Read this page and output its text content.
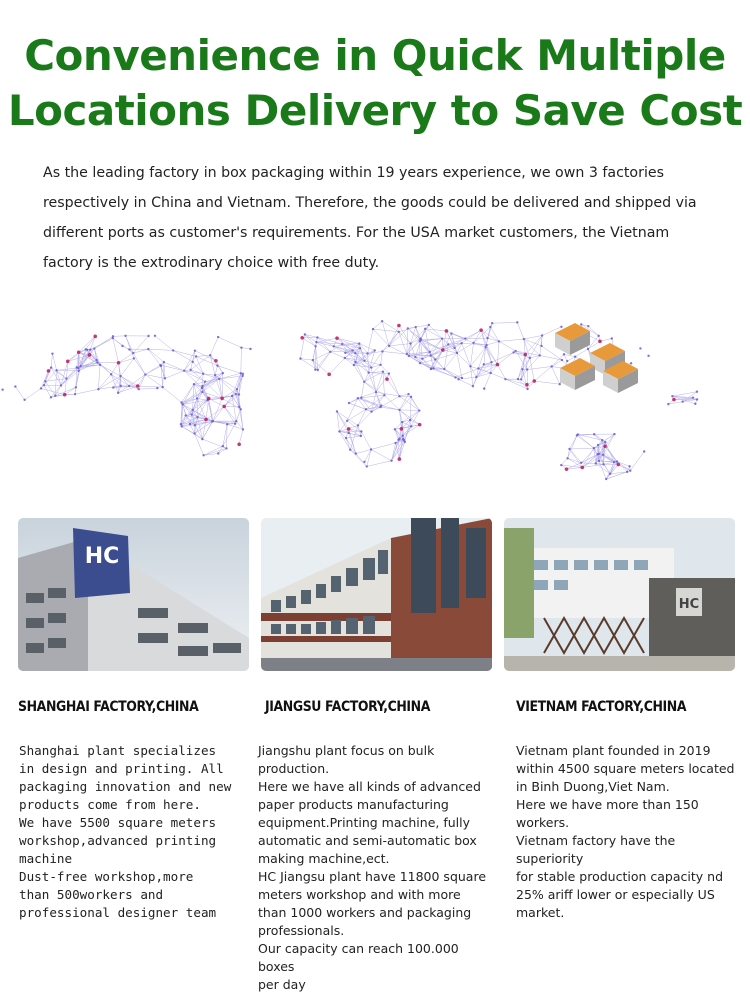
Convenience in Quick Multiple
Locations Delivery to Save Cost

As the leading factory in box packaging within 19 years experience, we own 3 factories respectively in China and Vietnam. Therefore, the goods could be delivered and shipped via different ports as customer's requirements. For the USA market customers, the Vietnam factory is the extrodinary choice with free duty.

HC
HC
SHANGHAI FACTORY,CHINA	JIANGSU FACTORY,CHINA	VIETNAM FACTORY,CHINA
Shanghai plant specializes
in design and printing. All
packaging innovation and new
products come from here.
We have 5500 square meters
workshop,advanced printing
machine
Dust-free workshop,more
than 500workers and
professional designer team
Jiangshu plant focus on bulk
production.
Here we have all kinds of advanced
paper products manufacturing
equipment.Printing machine, fully
automatic and semi-automatic box
making machine,ect.
HC Jiangsu plant have 11800 square
meters workshop and with more
than 1000 workers and packaging
professionals.
Our capacity can reach 100.000 boxes
per day
Vietnam plant founded in 2019
within 4500 square meters located
in Binh Duong,Viet Nam.
Here we have more than 150
workers.
Vietnam factory have the superiority
for stable production capacity nd
25% ariff lower or especially US
market.
